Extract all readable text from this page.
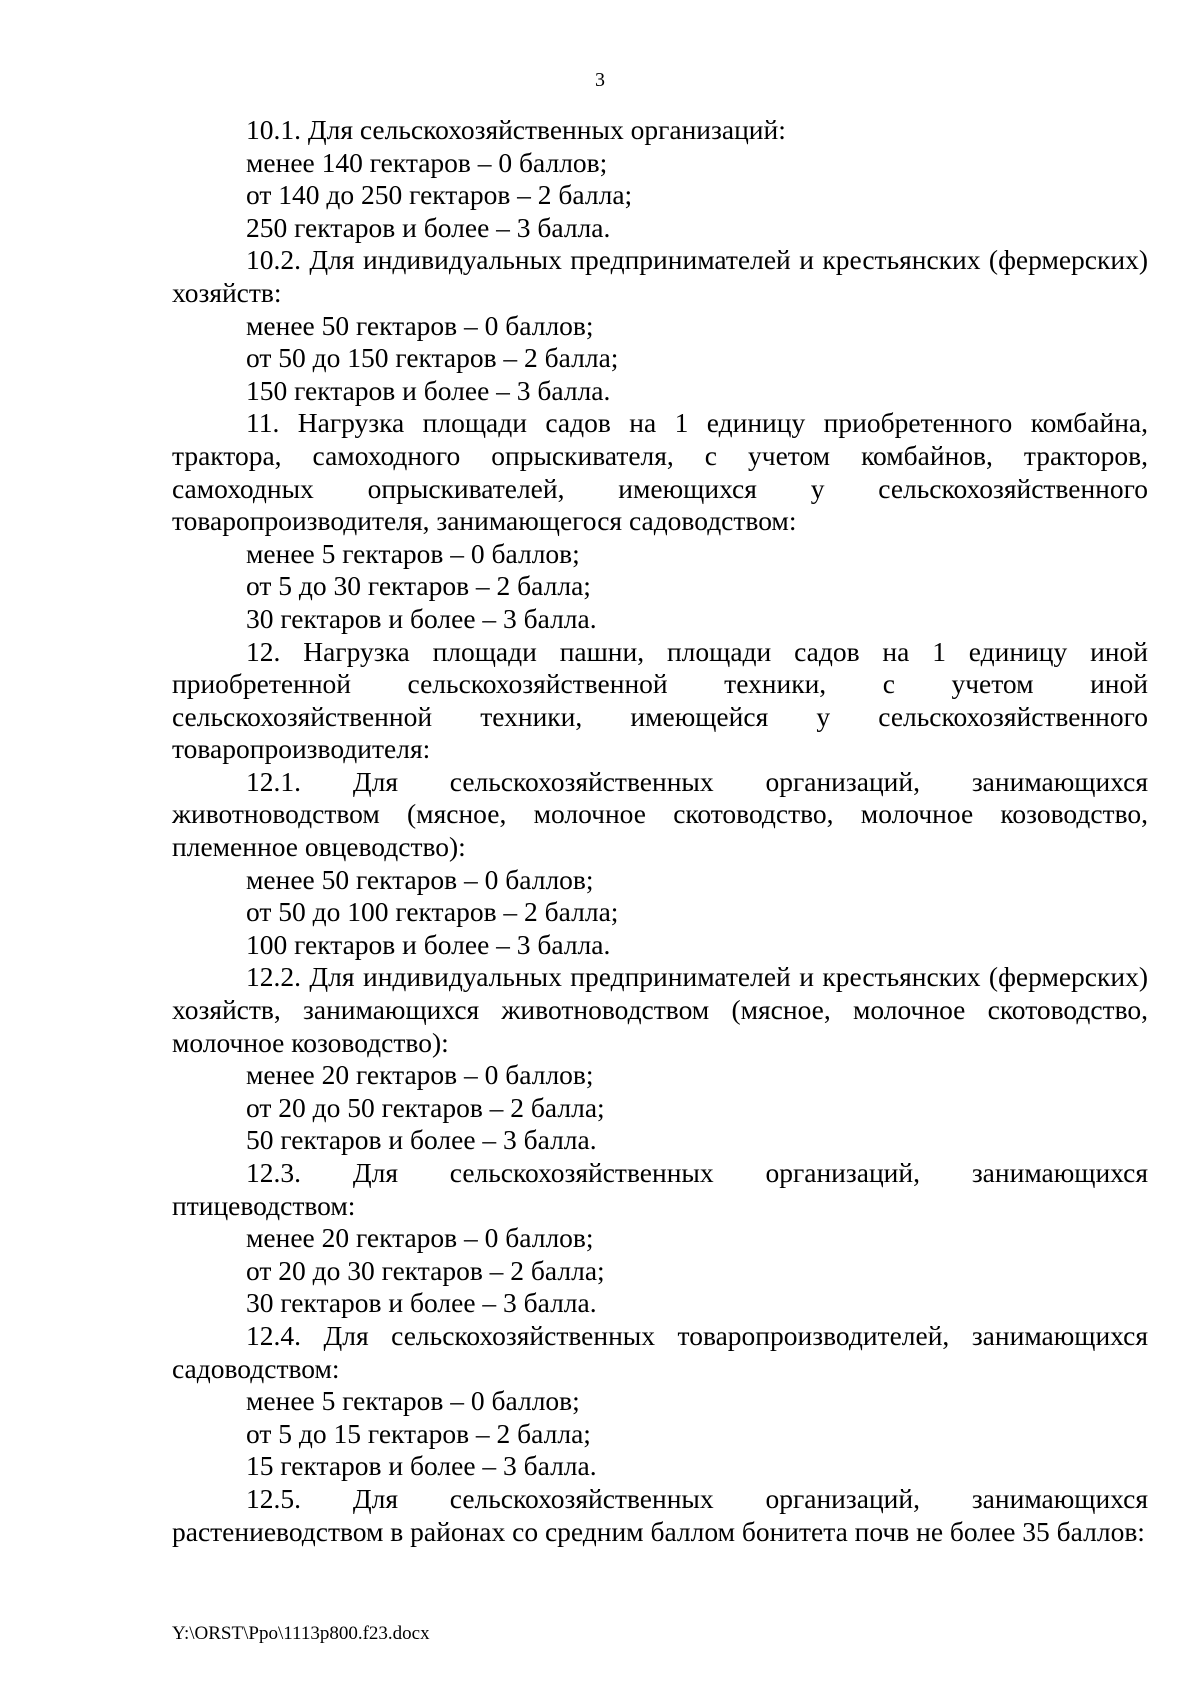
3

10.1. Для сельскохозяйственных организаций:

менее 140 гектаров – 0 баллов;

от 140 до 250 гектаров – 2 балла;

250 гектаров и более – 3 балла.

10.2. Для индивидуальных предпринимателей и крестьянских (фермерских) хозяйств:

менее 50 гектаров – 0 баллов;

от 50 до 150 гектаров – 2 балла;

150 гектаров и более – 3 балла.

11. Нагрузка площади садов на 1 единицу приобретенного комбайна, трактора, самоходного опрыскивателя, с учетом комбайнов, тракторов, самоходных опрыскивателей, имеющихся у сельскохозяйственного товаропроизводителя, занимающегося садоводством:

менее 5 гектаров – 0 баллов;

от 5 до 30 гектаров – 2 балла;

30 гектаров и более – 3 балла.

12. Нагрузка площади пашни, площади садов на 1 единицу иной приобретенной сельскохозяйственной техники, с учетом иной сельскохозяйственной техники, имеющейся у сельскохозяйственного товаропроизводителя:

12.1. Для сельскохозяйственных организаций, занимающихся животноводством (мясное, молочное скотоводство, молочное козоводство, племенное овцеводство):

менее 50 гектаров – 0 баллов;

от 50 до 100 гектаров – 2 балла;

100 гектаров и более – 3 балла.

12.2. Для индивидуальных предпринимателей и крестьянских (фермерских) хозяйств, занимающихся животноводством (мясное, молочное скотоводство, молочное козоводство):

менее 20 гектаров – 0 баллов;

от 20 до 50 гектаров – 2 балла;

50 гектаров и более – 3 балла.

12.3. Для сельскохозяйственных организаций, занимающихся птицеводством:

менее 20 гектаров – 0 баллов;

от 20 до 30 гектаров – 2 балла;

30 гектаров и более – 3 балла.

12.4. Для сельскохозяйственных товаропроизводителей, занимающихся садоводством:

менее 5 гектаров – 0 баллов;

от 5 до 15 гектаров – 2 балла;

15 гектаров и более – 3 балла.

12.5. Для сельскохозяйственных организаций, занимающихся растениеводством в районах со средним баллом бонитета почв не более 35 баллов:

Y:\ORST\Ppo\1113p800.f23.docx
